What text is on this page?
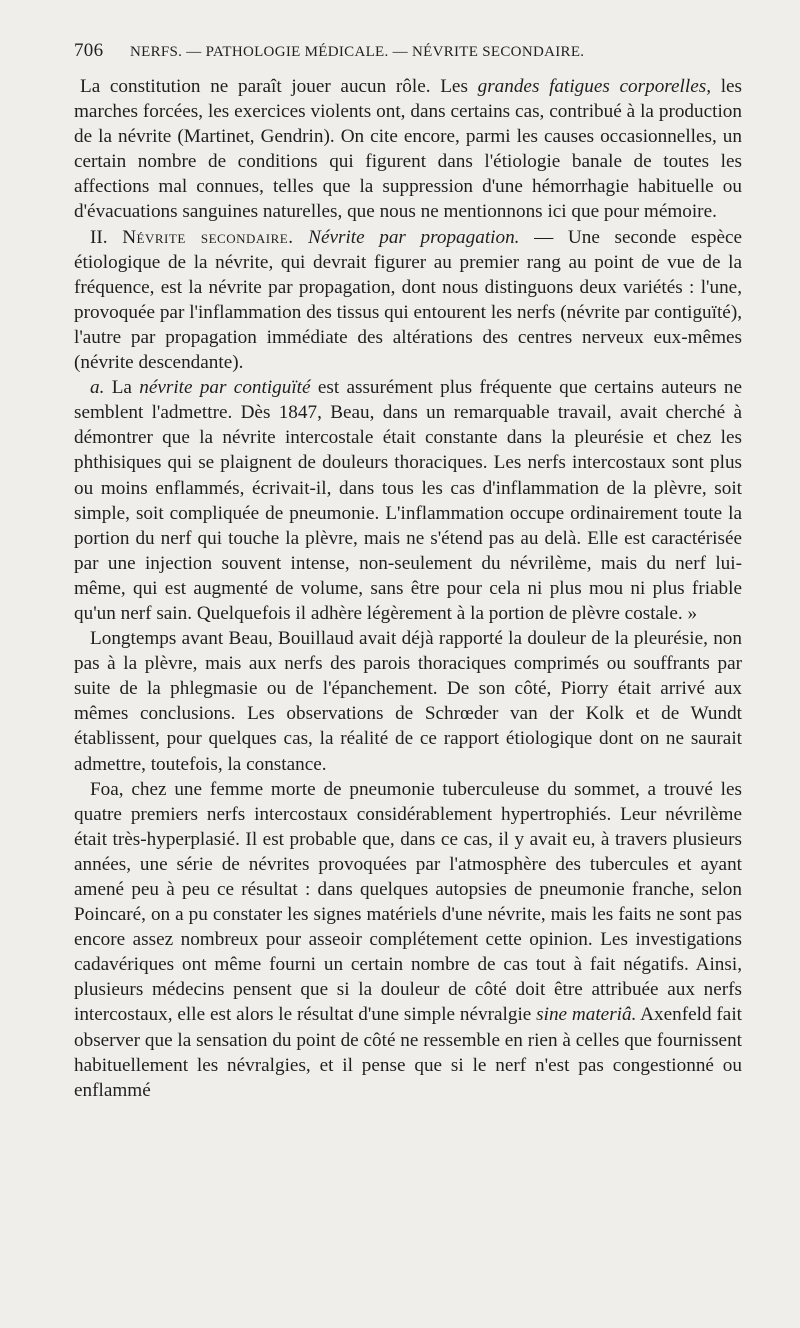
706	NERFS. — PATHOLOGIE MÉDICALE. — NÉVRITE SECONDAIRE.

La constitution ne paraît jouer aucun rôle. Les grandes fatigues corporelles, les marches forcées, les exercices violents ont, dans certains cas, contribué à la production de la névrite (Martinet, Gendrin). On cite encore, parmi les causes occasionnelles, un certain nombre de conditions qui figurent dans l'étiologie banale de toutes les affections mal connues, telles que la suppression d'une hémorrhagie habituelle ou d'évacuations sanguines naturelles, que nous ne mentionnons ici que pour mémoire.

II. Névrite secondaire. Névrite par propagation. — Une seconde espèce étiologique de la névrite, qui devrait figurer au premier rang au point de vue de la fréquence, est la névrite par propagation, dont nous distinguons deux variétés : l'une, provoquée par l'inflammation des tissus qui entourent les nerfs (névrite par contiguïté), l'autre par propagation immédiate des altérations des centres nerveux eux-mêmes (névrite descendante).

a. La névrite par contiguïté est assurément plus fréquente que certains auteurs ne semblent l'admettre. Dès 1847, Beau, dans un remarquable travail, avait cherché à démontrer que la névrite intercostale était constante dans la pleurésie et chez les phthisiques qui se plaignent de douleurs thoraciques. Les nerfs intercostaux sont plus ou moins enflammés, écrivait-il, dans tous les cas d'inflammation de la plèvre, soit simple, soit compliquée de pneumonie. L'inflammation occupe ordinairement toute la portion du nerf qui touche la plèvre, mais ne s'étend pas au delà. Elle est caractérisée par une injection souvent intense, non-seulement du névrilème, mais du nerf lui-même, qui est augmenté de volume, sans être pour cela ni plus mou ni plus friable qu'un nerf sain. Quelquefois il adhère légèrement à la portion de plèvre costale. »

Longtemps avant Beau, Bouillaud avait déjà rapporté la douleur de la pleurésie, non pas à la plèvre, mais aux nerfs des parois thoraciques comprimés ou souffrants par suite de la phlegmasie ou de l'épanchement. De son côté, Piorry était arrivé aux mêmes conclusions. Les observations de Schrœder van der Kolk et de Wundt établissent, pour quelques cas, la réalité de ce rapport étiologique dont on ne saurait admettre, toutefois, la constance.

Foa, chez une femme morte de pneumonie tuberculeuse du sommet, a trouvé les quatre premiers nerfs intercostaux considérablement hypertrophiés. Leur névrilème était très-hyperplasié. Il est probable que, dans ce cas, il y avait eu, à travers plusieurs années, une série de névrites provoquées par l'atmosphère des tubercules et ayant amené peu à peu ce résultat : dans quelques autopsies de pneumonie franche, selon Poincaré, on a pu constater les signes matériels d'une névrite, mais les faits ne sont pas encore assez nombreux pour asseoir complétement cette opinion. Les investigations cadavériques ont même fourni un certain nombre de cas tout à fait négatifs. Ainsi, plusieurs médecins pensent que si la douleur de côté doit être attribuée aux nerfs intercostaux, elle est alors le résultat d'une simple névralgie sine materiâ. Axenfeld fait observer que la sensation du point de côté ne ressemble en rien à celles que fournissent habituellement les névralgies, et il pense que si le nerf n'est pas congestionné ou enflammé
